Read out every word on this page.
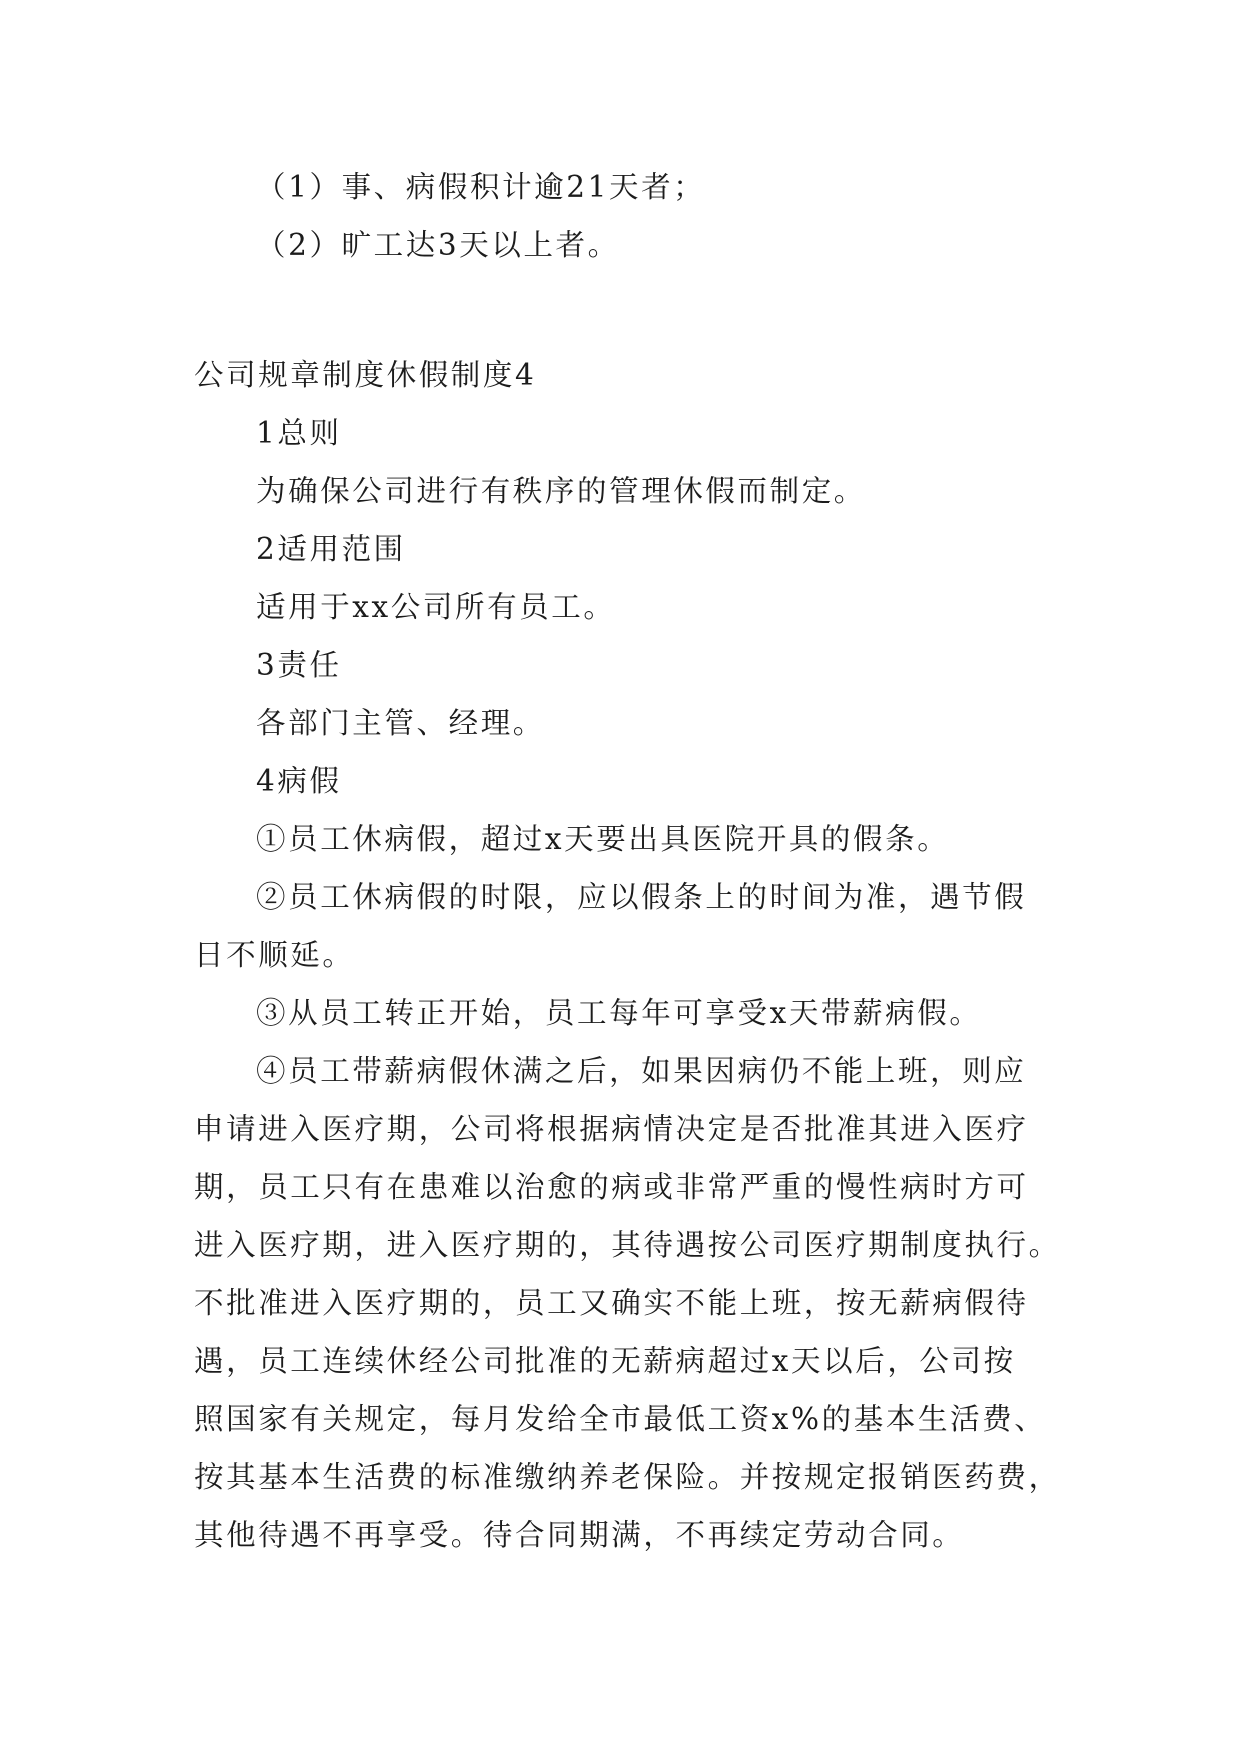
（1）事、病假积计逾21天者；
（2）旷工达3天以上者。
公司规章制度休假制度4
1总则
为确保公司进行有秩序的管理休假而制定。
2适用范围
适用于xx公司所有员工。
3责任
各部门主管、经理。
4病假
①员工休病假，超过x天要出具医院开具的假条。
②员工休病假的时限，应以假条上的时间为准，遇节假
日不顺延。
③从员工转正开始，员工每年可享受x天带薪病假。
④员工带薪病假休满之后，如果因病仍不能上班，则应
申请进入医疗期，公司将根据病情决定是否批准其进入医疗
期，员工只有在患难以治愈的病或非常严重的慢性病时方可
进入医疗期，进入医疗期的，其待遇按公司医疗期制度执行。
不批准进入医疗期的，员工又确实不能上班，按无薪病假待
遇，员工连续休经公司批准的无薪病超过x天以后，公司按
照国家有关规定，每月发给全市最低工资x%的基本生活费、
按其基本生活费的标准缴纳养老保险。并按规定报销医药费，
其他待遇不再享受。待合同期满，不再续定劳动合同。
